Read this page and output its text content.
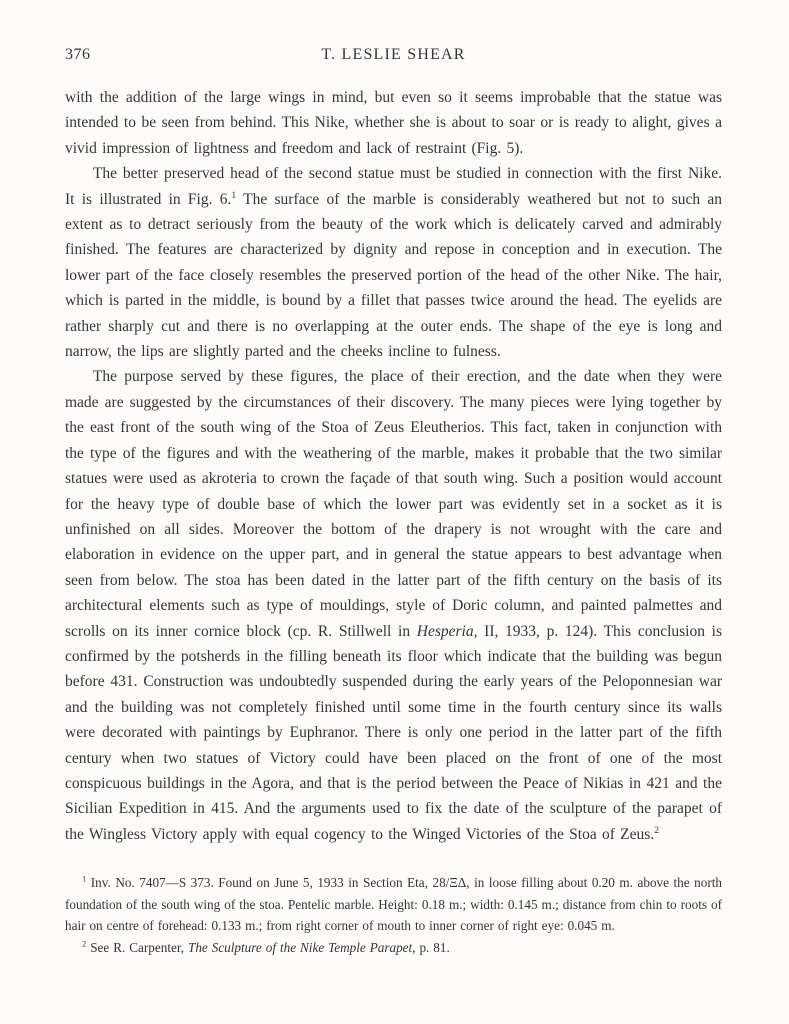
376	T. LESLIE SHEAR

with the addition of the large wings in mind, but even so it seems improbable that the statue was intended to be seen from behind. This Nike, whether she is about to soar or is ready to alight, gives a vivid impression of lightness and freedom and lack of restraint (Fig. 5).

The better preserved head of the second statue must be studied in connection with the first Nike. It is illustrated in Fig. 6.$^1$ The surface of the marble is considerably weathered but not to such an extent as to detract seriously from the beauty of the work which is delicately carved and admirably finished. The features are characterized by dignity and repose in conception and in execution. The lower part of the face closely resembles the preserved portion of the head of the other Nike. The hair, which is parted in the middle, is bound by a fillet that passes twice around the head. The eyelids are rather sharply cut and there is no overlapping at the outer ends. The shape of the eye is long and narrow, the lips are slightly parted and the cheeks incline to fulness.

The purpose served by these figures, the place of their erection, and the date when they were made are suggested by the circumstances of their discovery. The many pieces were lying together by the east front of the south wing of the Stoa of Zeus Eleutherios. This fact, taken in conjunction with the type of the figures and with the weathering of the marble, makes it probable that the two similar statues were used as akroteria to crown the façade of that south wing. Such a position would account for the heavy type of double base of which the lower part was evidently set in a socket as it is unfinished on all sides. Moreover the bottom of the drapery is not wrought with the care and elaboration in evidence on the upper part, and in general the statue appears to best advantage when seen from below. The stoa has been dated in the latter part of the fifth century on the basis of its architectural elements such as type of mouldings, style of Doric column, and painted palmettes and scrolls on its inner cornice block (cp. R. Stillwell in Hesperia, II, 1933, p. 124). This conclusion is confirmed by the potsherds in the filling beneath its floor which indicate that the building was begun before 431. Construction was undoubtedly suspended during the early years of the Peloponnesian war and the building was not completely finished until some time in the fourth century since its walls were decorated with paintings by Euphranor. There is only one period in the latter part of the fifth century when two statues of Victory could have been placed on the front of one of the most conspicuous buildings in the Agora, and that is the period between the Peace of Nikias in 421 and the Sicilian Expedition in 415. And the arguments used to fix the date of the sculpture of the parapet of the Wingless Victory apply with equal cogency to the Winged Victories of the Stoa of Zeus.$^2$

$^1$ Inv. No. 7407—S 373. Found on June 5, 1933 in Section Eta, 28/ΞΔ, in loose filling about 0.20 m. above the north foundation of the south wing of the stoa. Pentelic marble. Height: 0.18 m.; width: 0.145 m.; distance from chin to roots of hair on centre of forehead: 0.133 m.; from right corner of mouth to inner corner of right eye: 0.045 m.

$^2$ See R. Carpenter, The Sculpture of the Nike Temple Parapet, p. 81.
